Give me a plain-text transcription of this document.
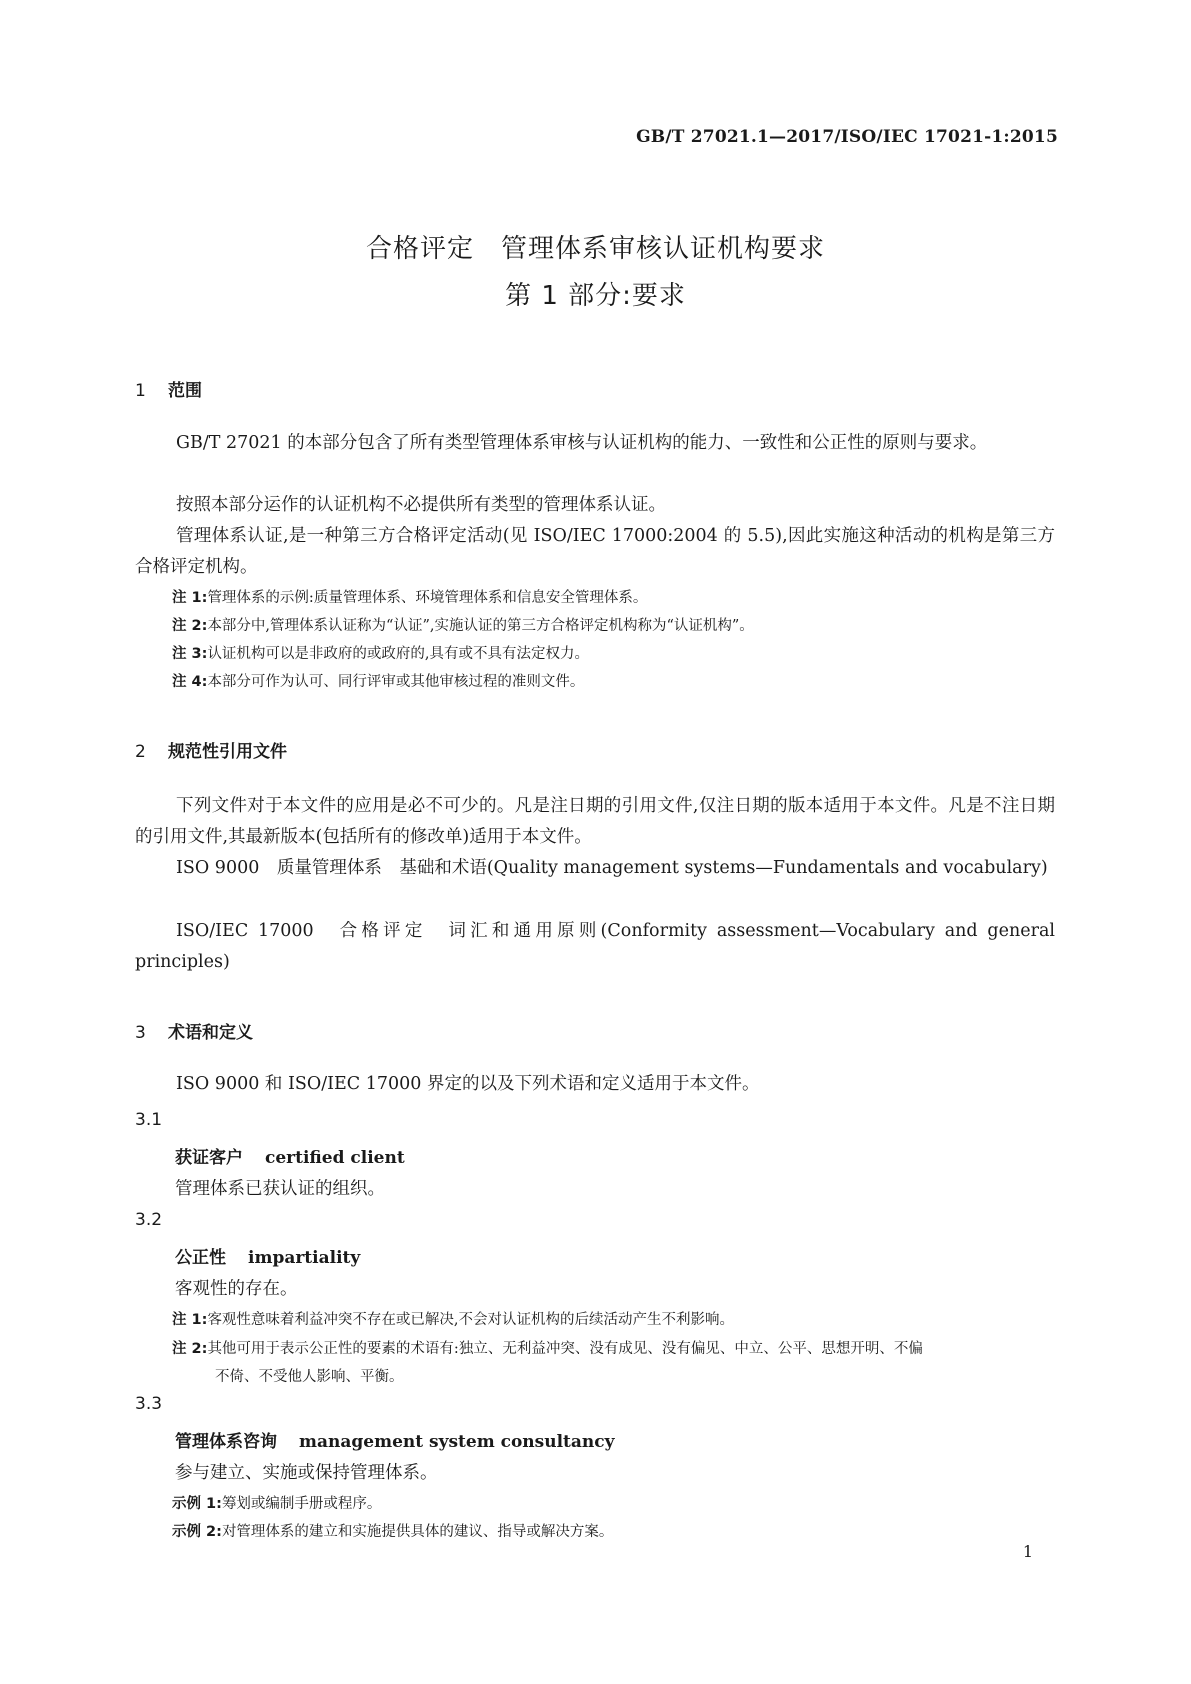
GB/T 27021.1—2017/ISO/IEC 17021-1:2015
合格评定　管理体系审核认证机构要求
第 1 部分:要求
1 范围
GB/T 27021 的本部分包含了所有类型管理体系审核与认证机构的能力、一致性和公正性的原则与要求。
按照本部分运作的认证机构不必提供所有类型的管理体系认证。
管理体系认证,是一种第三方合格评定活动(见 ISO/IEC 17000:2004 的 5.5),因此实施这种活动的机构是第三方合格评定机构。
注 1:管理体系的示例:质量管理体系、环境管理体系和信息安全管理体系。
注 2:本部分中,管理体系认证称为“认证”,实施认证的第三方合格评定机构称为“认证机构”。
注 3:认证机构可以是非政府的或政府的,具有或不具有法定权力。
注 4:本部分可作为认可、同行评审或其他审核过程的准则文件。
2 规范性引用文件
下列文件对于本文件的应用是必不可少的。凡是注日期的引用文件,仅注日期的版本适用于本文件。凡是不注日期的引用文件,其最新版本(包括所有的修改单)适用于本文件。
ISO 9000　质量管理体系　基础和术语(Quality management systems—Fundamentals and vocabulary)
ISO/IEC 17000　合格评定　词汇和通用原则(Conformity assessment—Vocabulary and general principles)
3 术语和定义
ISO 9000 和 ISO/IEC 17000 界定的以及下列术语和定义适用于本文件。
3.1
获证客户 certified client
管理体系已获认证的组织。
3.2
公正性 impartiality
客观性的存在。
注 1:客观性意味着利益冲突不存在或已解决,不会对认证机构的后续活动产生不利影响。
注 2:其他可用于表示公正性的要素的术语有:独立、无利益冲突、没有成见、没有偏见、中立、公平、思想开明、不偏
不倚、不受他人影响、平衡。
3.3
管理体系咨询 management system consultancy
参与建立、实施或保持管理体系。
示例 1:筹划或编制手册或程序。
示例 2:对管理体系的建立和实施提供具体的建议、指导或解决方案。
1
